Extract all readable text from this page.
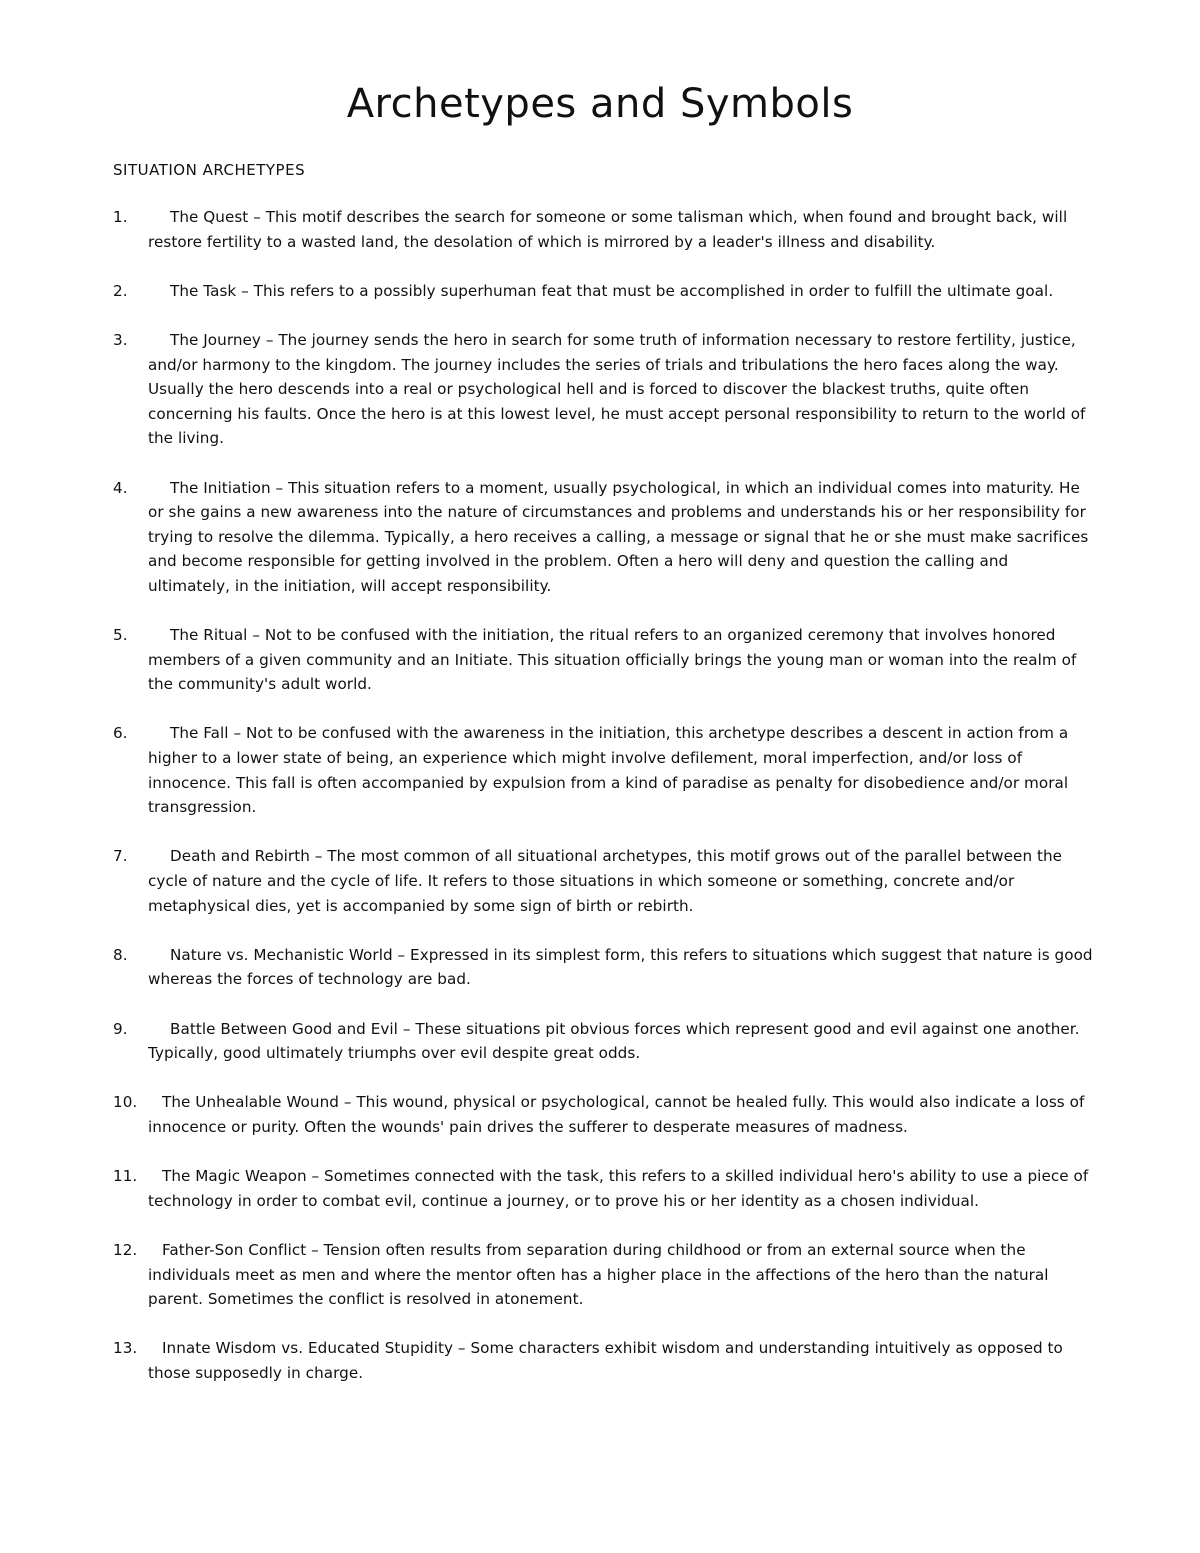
Archetypes and Symbols

SITUATION ARCHETYPES

1.	The Quest – This motif describes the search for someone or some talisman which, when found and brought back, will restore fertility to a wasted land, the desolation of which is mirrored by a leader's illness and disability.
2.	The Task – This refers to a possibly superhuman feat that must be accomplished in order to fulfill the ultimate goal.
3.	The Journey – The journey sends the hero in search for some truth of information necessary to restore fertility, justice, and/or harmony to the kingdom. The journey includes the series of trials and tribulations the hero faces along the way. Usually the hero descends into a real or psychological hell and is forced to discover the blackest truths, quite often concerning his faults. Once the hero is at this lowest level, he must accept personal responsibility to return to the world of the living.
4.	The Initiation – This situation refers to a moment, usually psychological, in which an individual comes into maturity. He or she gains a new awareness into the nature of circumstances and problems and understands his or her responsibility for trying to resolve the dilemma. Typically, a hero receives a calling, a message or signal that he or she must make sacrifices and become responsible for getting involved in the problem. Often a hero will deny and question the calling and ultimately, in the initiation, will accept responsibility.
5.	The Ritual – Not to be confused with the initiation, the ritual refers to an organized ceremony that involves honored members of a given community and an Initiate. This situation officially brings the young man or woman into the realm of the community's adult world.
6.	The Fall – Not to be confused with the awareness in the initiation, this archetype describes a descent in action from a higher to a lower state of being, an experience which might involve defilement, moral imperfection, and/or loss of innocence. This fall is often accompanied by expulsion from a kind of paradise as penalty for disobedience and/or moral transgression.
7.	Death and Rebirth – The most common of all situational archetypes, this motif grows out of the parallel between the cycle of nature and the cycle of life. It refers to those situations in which someone or something, concrete and/or metaphysical dies, yet is accompanied by some sign of birth or rebirth.
8.	Nature vs. Mechanistic World – Expressed in its simplest form, this refers to situations which suggest that nature is good whereas the forces of technology are bad.
9.	Battle Between Good and Evil – These situations pit obvious forces which represent good and evil against one another. Typically, good ultimately triumphs over evil despite great odds.
10.	The Unhealable Wound – This wound, physical or psychological, cannot be healed fully. This would also indicate a loss of innocence or purity. Often the wounds' pain drives the sufferer to desperate measures of madness.
11.	The Magic Weapon – Sometimes connected with the task, this refers to a skilled individual hero's ability to use a piece of technology in order to combat evil, continue a journey, or to prove his or her identity as a chosen individual.
12.	Father-Son Conflict – Tension often results from separation during childhood or from an external source when the individuals meet as men and where the mentor often has a higher place in the affections of the hero than the natural parent. Sometimes the conflict is resolved in atonement.
13.	Innate Wisdom vs. Educated Stupidity – Some characters exhibit wisdom and understanding intuitively as opposed to those supposedly in charge.
